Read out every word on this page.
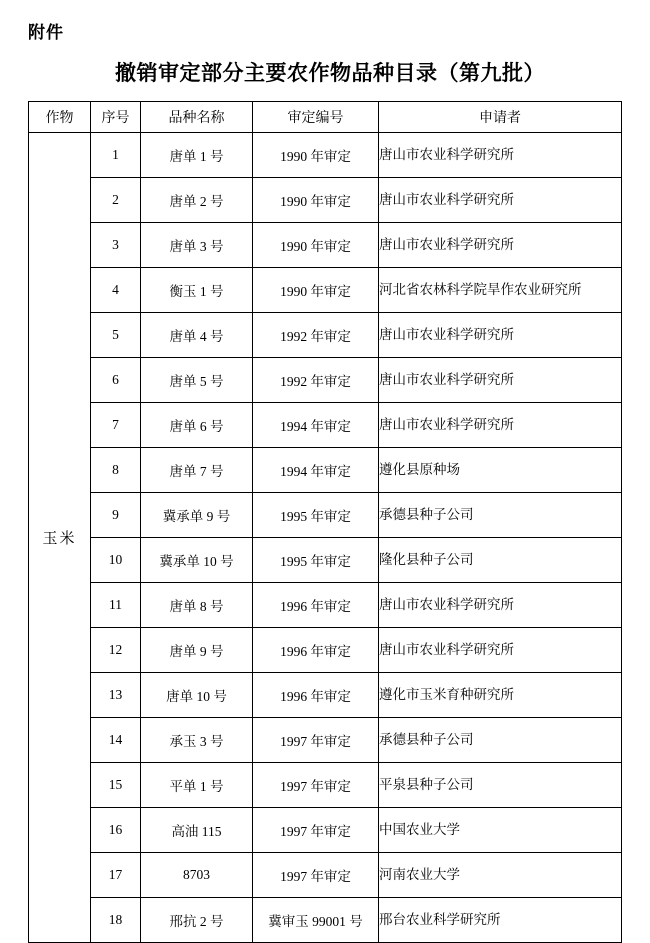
附件
撤销审定部分主要农作物品种目录（第九批）
作物	序号	品种名称	审定编号	申请者
玉米	1	唐单 1 号	1990 年审定	唐山市农业科学研究所
	2	唐单 2 号	1990 年审定	唐山市农业科学研究所
	3	唐单 3 号	1990 年审定	唐山市农业科学研究所
	4	衡玉 1 号	1990 年审定	河北省农林科学院旱作农业研究所
	5	唐单 4 号	1992 年审定	唐山市农业科学研究所
	6	唐单 5 号	1992 年审定	唐山市农业科学研究所
	7	唐单 6 号	1994 年审定	唐山市农业科学研究所
	8	唐单 7 号	1994 年审定	遵化县原种场
	9	冀承单 9 号	1995 年审定	承德县种子公司
	10	冀承单 10 号	1995 年审定	隆化县种子公司
	11	唐单 8 号	1996 年审定	唐山市农业科学研究所
	12	唐单 9 号	1996 年审定	唐山市农业科学研究所
	13	唐单 10 号	1996 年审定	遵化市玉米育种研究所
	14	承玉 3 号	1997 年审定	承德县种子公司
	15	平单 1 号	1997 年审定	平泉县种子公司
	16	高油 115	1997 年审定	中国农业大学
	17	8703	1997 年审定	河南农业大学
	18	邢抗 2 号	冀审玉 99001 号	邢台农业科学研究所
